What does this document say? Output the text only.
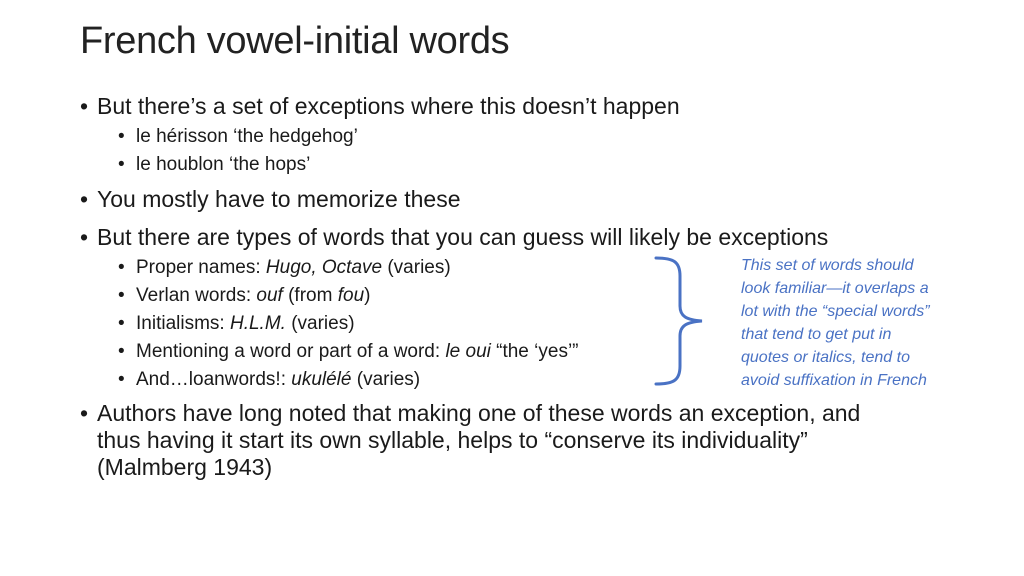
French vowel-initial words
• But there’s a set of exceptions where this doesn’t happen
• le hérisson ‘the hedgehog’
• le houblon ‘the hops’
• You mostly have to memorize these
• But there are types of words that you can guess will likely be exceptions
• Proper names: Hugo, Octave (varies)
• Verlan words: ouf (from fou)
• Initialisms: H.L.M. (varies)
• Mentioning a word or part of a word: le oui “the ‘yes’”
• And…loanwords!: ukulélé (varies)
This set of words should
look familiar—it overlaps a
lot with the “special words”
that tend to get put in
quotes or italics, tend to
avoid suffixation in French
• Authors have long noted that making one of these words an exception, and
thus having it start its own syllable, helps to “conserve its individuality”
(Malmberg 1943)
